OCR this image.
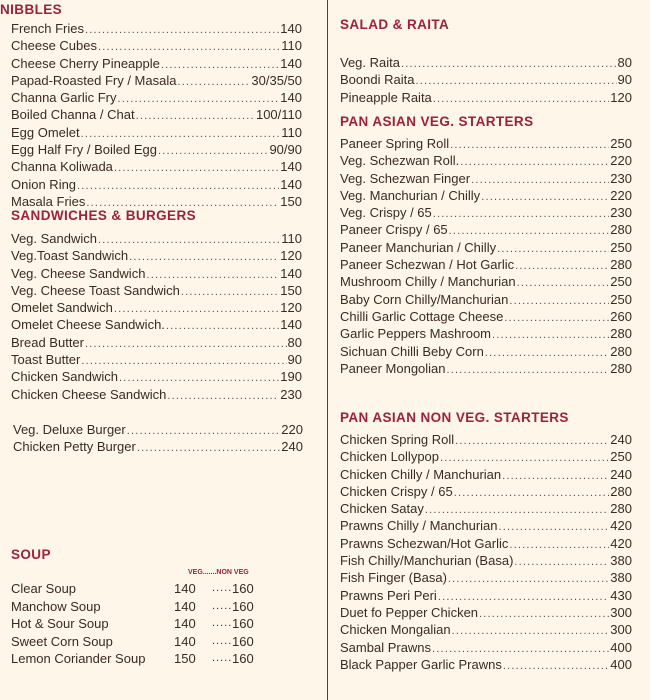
NIBBLES
French Fries .....	140
Cheese Cubes .....	110
Cheese Cherry Pineapple .....	140
Papad-Roasted Fry / Masala .....	30/35/50
Channa Garlic Fry .....	140
Boiled Channa / Chat .....	100/110
Egg Omelet .....	110
Egg Half Fry / Boiled Egg .....	90/90
Channa Koliwada .....	140
Onion Ring .....	140
Masala Fries .....	150
SANDWICHES & BURGERS
Veg. Sandwich .....	110
Veg.Toast Sandwich .....	120
Veg. Cheese Sandwich .....	140
Veg. Cheese Toast Sandwich .....	150
Omelet Sandwich .....	120
Omelet Cheese Sandwich. .....	140
Bread Butter .....	80
Toast Butter .....	90
Chicken Sandwich .....	190
Chicken Cheese Sandwich .....	230
Veg. Deluxe Burger .....	220
Chicken Petty Burger .....	240
SOUP
VEG.......NON VEG
Clear Soup	140	..... 160
Manchow Soup	140	..... 160
Hot & Sour Soup	140	..... 160
Sweet Corn Soup	140	..... 160
Lemon Coriander Soup	150	..... 160
SALAD & RAITA
Veg. Raita .....	80
Boondi Raita .....	90
Pineapple Raita .....	120
PAN ASIAN VEG. STARTERS
Paneer Spring Roll .....	250
Veg. Schezwan Roll. .....	220
Veg. Schezwan Finger .....	230
Veg. Manchurian / Chilly .....	220
Veg. Crispy / 65 .....	230
Paneer Crispy / 65 .....	280
Paneer Manchurian / Chilly .....	250
Paneer Schezwan / Hot Garlic .....	280
Mushroom Chilly / Manchurian .....	250
Baby Corn Chilly/Manchurian .....	250
Chilli Garlic Cottage Cheese .....	260
Garlic Peppers Mashroom .....	280
Sichuan Chilli Beby Corn .....	280
Paneer Mongolian .....	280
PAN ASIAN NON VEG. STARTERS
Chicken Spring Roll .....	240
Chicken Lollypop .....	250
Chicken Chilly / Manchurian .....	240
Chicken Crispy / 65 .....	280
Chicken Satay .....	280
Prawns Chilly / Manchurian .....	420
Prawns Schezwan/Hot Garlic .....	420
Fish Chilly/Manchurian (Basa) .....	380
Fish Finger (Basa) .....	380
Prawns Peri Peri .....	430
Duet fo Pepper Chicken .....	300
Chicken Mongalian .....	300
Sambal Prawns .....	400
Black Papper Garlic Prawns .....	400
